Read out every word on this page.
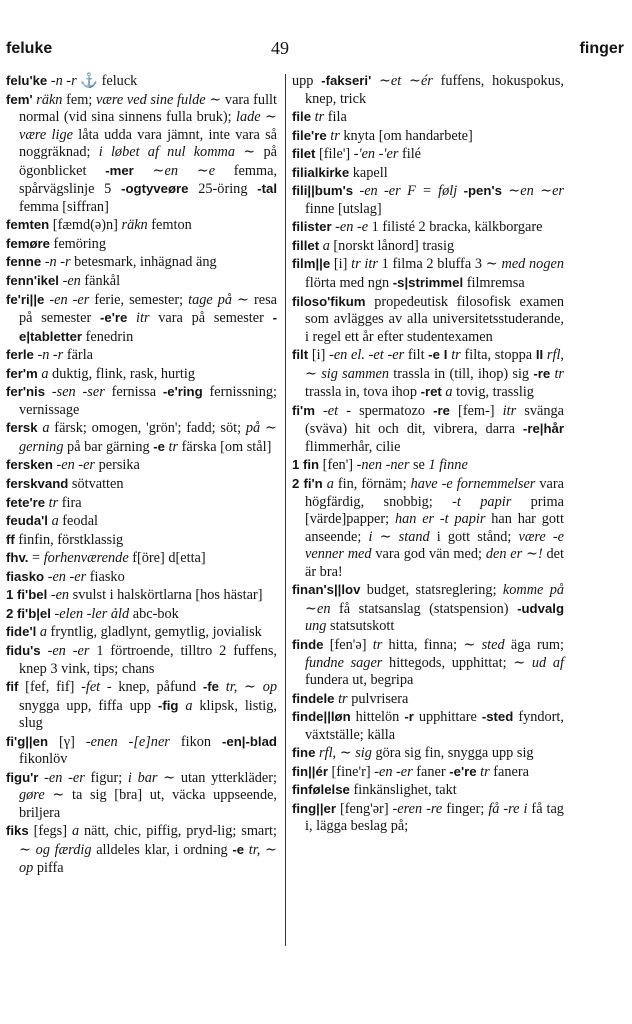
feluke	49	finger

felu'ke -n -r ⚓ feluck

fem' räkn fem; være ved sine fulde ∼ vara fullt normal (vid sina sinnens fulla bruk); lade ∼ være lige låta udda vara jämnt, inte vara så noggräknad; i løbet af nul komma ∼ på ögonblicket -mer ∼en ∼e femma, spårvägslinje 5 -ogtyveøre 25-öring -tal femma [siffran]

femten [fæmd(ə)n] räkn femton

femøre femöring

fenne -n -r betesmark, inhägnad äng

fenn'ikel -en fänkål

fe'ri||e -en -er ferie, semester; tage på ∼ resa på semester -e're itr vara på semester -e|tabletter fenedrin

ferle -n -r färla

fer'm a duktig, flink, rask, hurtig

fer'nis -sen -ser fernissa -e'ring fernissning; vernissage

fersk a färsk; omogen, 'grön'; fadd; söt; på ∼ gerning på bar gärning -e tr färska [om stål]

fersken -en -er persika

ferskvand sötvatten

fete're tr fira

feuda'l a feodal

ff finfin, förstklassig

fhv. = forhenværende f[öre] d[etta]

fiasko -en -er fiasko

1 fi'bel -en svulst i halskörtlarna [hos hästar]

2 fi'b|el -elen -ler ảld abc-bok

fide'l a fryntlig, gladlynt, gemytlig, jovialisk

fidu's -en -er 1 förtroende, tilltro 2 fuffens, knep 3 vink, tips; chans

fif [fef, fif] -fet - knep, påfund -fe tr, ∼ op snygga upp, fiffa upp -fig a klipsk, listig, slug

fi'g||en [γ] -enen -[e]ner fikon -en|-blad fikonlöv

figu'r -en -er figur; i bar ∼ utan ytterkläder; gøre ∼ ta sig [bra] ut, väcka uppseende, briljera

fiks [fegs] a nätt, chic, piffig, pryd-lig; smart; ∼ og færdig alldeles klar, i ordning -e tr, ∼ op piffa

upp -fakseri' ∼et ∼ér fuffens, hokuspokus, knep, trick

file tr fila

file're tr knyta [om handarbete]

filet [file'] -'en -'er filé

filialkirke kapell

fili||bum's -en -er F = følj -pen's ∼en ∼er finne [utslag]

filister -en -e 1 filisté 2 bracka, kälkborgare

fillet a [norskt lånord] trasig

film||e [i] tr itr 1 filma 2 bluffa 3 ∼ med nogen flörta med ngn -s|strimmel filmremsa

filoso'fikum propedeutisk filosofisk examen som avlägges av alla universitetsstuderande, i regel ett år efter studentexamen

filt [i] -en el. -et -er filt -e I tr filta, stoppa II rfl, ∼ sig sammen trassla in (till, ihop) sig -re tr trassla in, tova ihop -ret a tovig, trasslig

fi'm -et - spermatozo -re [fem-] itr svänga (sväva) hit och dit, vibrera, darra -re|hår flimmerhår, cilie

1 fin [fen'] -nen -ner se 1 finne

2 fi'n a fin, förnäm; have -e fornemmelser vara högfärdig, snobbig; -t papir prima [värde]papper; han er -t papir han har gott anseende; i ∼ stand i gott stånd; være -e venner med vara god vän med; den er ∼! det är bra!

finan's||lov budget, statsreglering; komme på ∼en få statsanslag (statspension) -udvalg ung statsutskott

finde [fen'ə] tr hitta, finna; ∼ sted äga rum; fundne sager hittegods, upphittat; ∼ ud af fundera ut, begripa

findele tr pulvrisera

finde||løn hittelön -r upphittare -sted fyndort, växtställe; källa

fine rfl, ∼ sig göra sig fin, snygga upp sig

fin||ér [fine'r] -en -er faner -e're tr fanera

finfølelse finkänslighet, takt

fing||er [feng'ər] -eren -re finger; få -re i få tag i, lägga beslag på;
